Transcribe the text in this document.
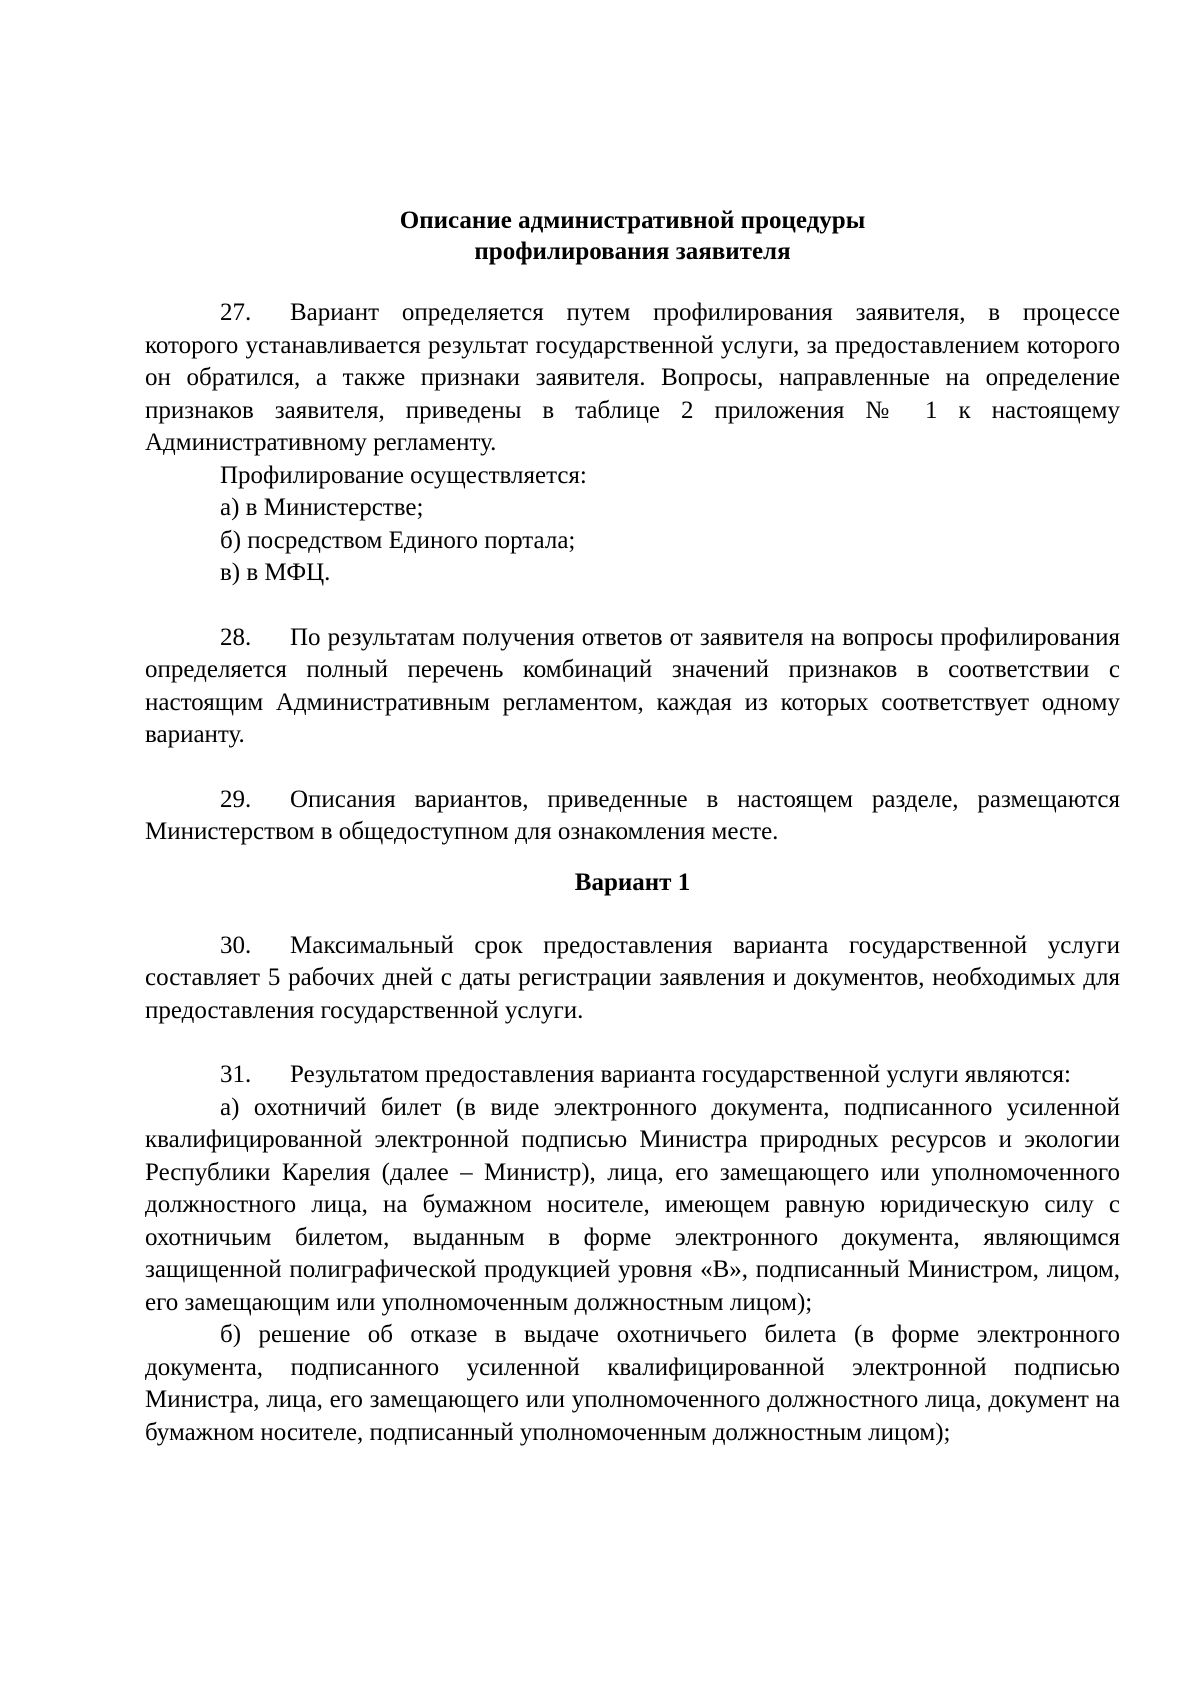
Описание административной процедуры
профилирования заявителя

27. Вариант определяется путем профилирования заявителя, в процессе которого устанавливается результат государственной услуги, за предоставлением которого он обратился, а также признаки заявителя. Вопросы, направленные на определение признаков заявителя, приведены в таблице 2 приложения № 1 к настоящему Административному регламенту.

Профилирование осуществляется:

а) в Министерстве;

б) посредством Единого портала;

в) в МФЦ.

28. По результатам получения ответов от заявителя на вопросы профилирования определяется полный перечень комбинаций значений признаков в соответствии с настоящим Административным регламентом, каждая из которых соответствует одному варианту.

29. Описания вариантов, приведенные в настоящем разделе, размещаются Министерством в общедоступном для ознакомления месте.

Вариант 1

30. Максимальный срок предоставления варианта государственной услуги составляет 5 рабочих дней с даты регистрации заявления и документов, необходимых для предоставления государственной услуги.

31. Результатом предоставления варианта государственной услуги являются:

а) охотничий билет (в виде электронного документа, подписанного усиленной квалифицированной электронной подписью Министра природных ресурсов и экологии Республики Карелия (далее – Министр), лица, его замещающего или уполномоченного должностного лица, на бумажном носителе, имеющем равную юридическую силу с охотничьим билетом, выданным в форме электронного документа, являющимся защищенной полиграфической продукцией уровня «В», подписанный Министром, лицом, его замещающим или уполномоченным должностным лицом);

б) решение об отказе в выдаче охотничьего билета (в форме электронного документа, подписанного усиленной квалифицированной электронной подписью Министра, лица, его замещающего или уполномоченного должностного лица, документ на бумажном носителе, подписанный уполномоченным должностным лицом);
